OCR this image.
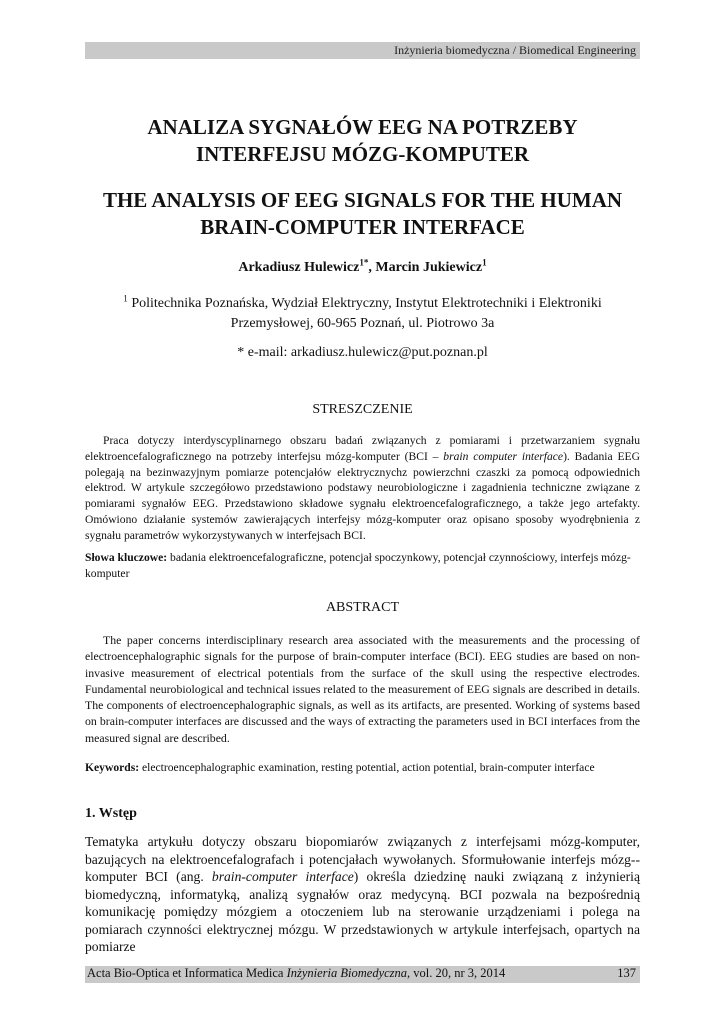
Inżynieria biomedyczna / Biomedical Engineering
ANALIZA SYGNAŁÓW EEG NA POTRZEBY
INTERFEJSU MÓZG-KOMPUTER
THE ANALYSIS OF EEG SIGNALS FOR THE HUMAN
BRAIN-COMPUTER INTERFACE
Arkadiusz Hulewicz$^{1*}$, Marcin Jukiewicz$^1$
$^1$ Politechnika Poznańska, Wydział Elektryczny, Instytut Elektrotechniki i Elektroniki
Przemysłowej, 60-965 Poznań, ul. Piotrowo 3a
* e-mail: arkadiusz.hulewicz@put.poznan.pl
STRESZCZENIE
Praca dotyczy interdyscyplinarnego obszaru badań związanych z pomiarami i przetwarzaniem sygnału elektroencefalograficznego na potrzeby interfejsu mózg-komputer (BCI – brain computer interface). Badania EEG polegają na bezinwazyjnym pomiarze potencjałów elektrycznychz powierzchni czaszki za pomocą odpowiednich elektrod. W artykule szczegółowo przedstawiono podstawy neurobiologiczne i zagadnienia techniczne związane z pomiarami sygnałów EEG. Przedstawiono składowe sygnału elektroencefalograficznego, a także jego artefakty. Omówiono działanie systemów zawierających interfejsy mózg-komputer oraz opisano sposoby wyodrębnienia z sygnału parametrów wykorzystywanych w interfejsach BCI.
Słowa kluczowe: badania elektroencefalograficzne, potencjał spoczynkowy, potencjał czynnościowy, interfejs mózg-komputer
ABSTRACT
The paper concerns interdisciplinary research area associated with the measurements and the processing of electroencephalographic signals for the purpose of brain-computer interface (BCI). EEG studies are based on non-invasive measurement of electrical potentials from the surface of the skull using the respective electrodes. Fundamental neurobiological and technical issues related to the measurement of EEG signals are described in details. The components of electroencephalographic signals, as well as its artifacts, are presented. Working of systems based on brain-computer interfaces are discussed and the ways of extracting the parameters used in BCI interfaces from the measured signal are described.
Keywords: electroencephalographic examination, resting potential, action potential, brain-computer interface
1. Wstęp
Tematyka artykułu dotyczy obszaru biopomiarów związanych z interfejsami mózg-komputer, bazujących na elektroencefalografach i potencjałach wywołanych. Sformułowanie interfejs mózg--komputer BCI (ang. brain-computer interface) określa dziedzinę nauki związaną z inżynierią biomedyczną, informatyką, analizą sygnałów oraz medycyną. BCI pozwala na bezpośrednią komunikację pomiędzy mózgiem a otoczeniem lub na sterowanie urządzeniami i polega na pomiarach czynności elektrycznej mózgu. W przedstawionych w artykule interfejsach, opartych na pomiarze
Acta Bio-Optica et Informatica Medica Inżynieria Biomedyczna, vol. 20, nr 3, 2014	137
